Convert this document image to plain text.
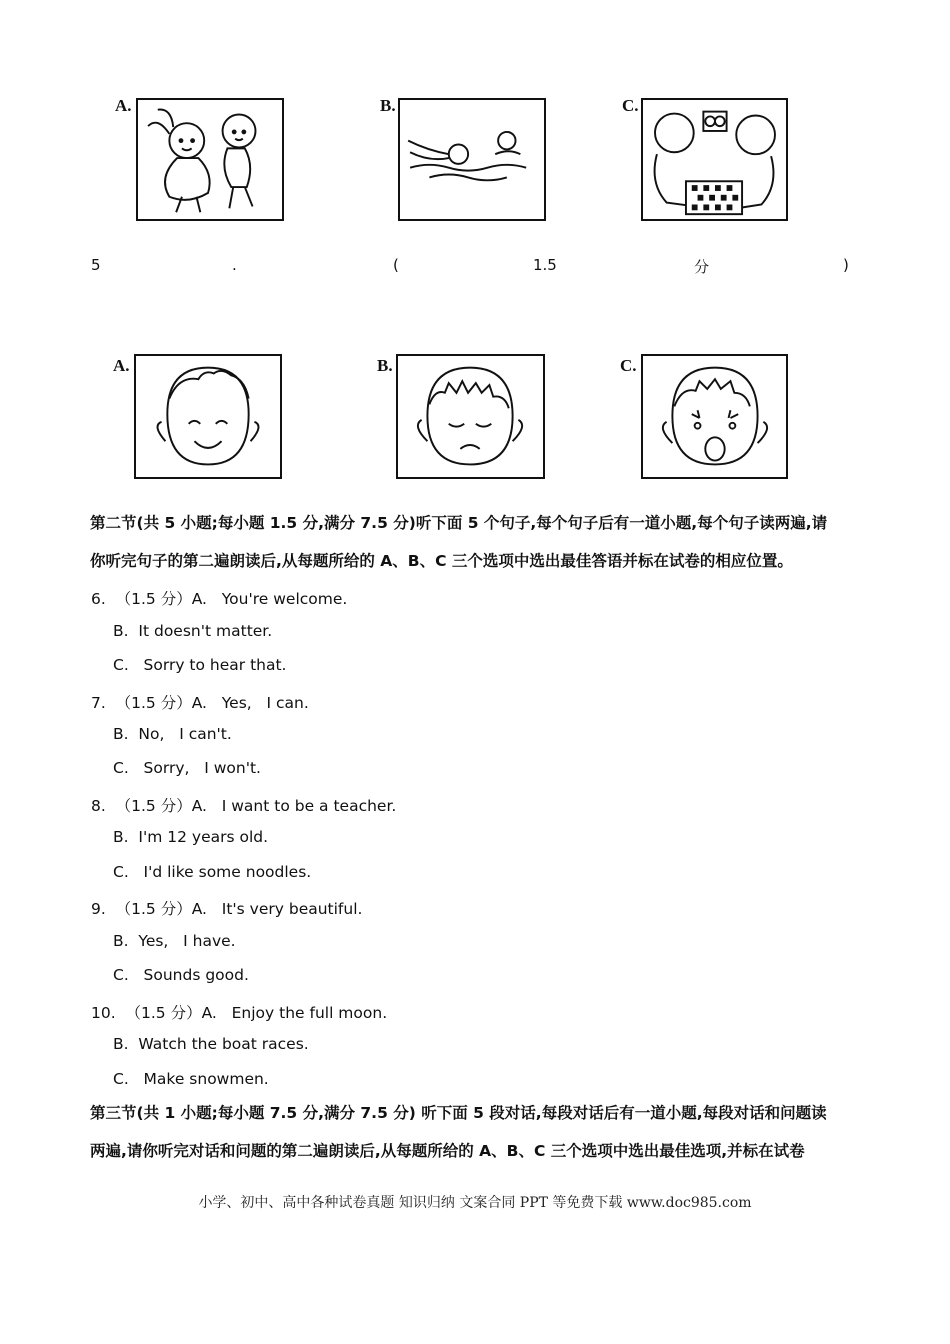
A.	B.	C.
5	.	(	1.5	分	)
A.	B.	C.
第二节(共 5 小题;每小题 1.5 分,满分 7.5 分)听下面 5 个句子,每个句子后有一道小题,每个句子读两遍,请
你听完句子的第二遍朗读后,从每题所给的 A、B、C 三个选项中选出最佳答语并标在试卷的相应位置。
6.  （1.5 分）A.   You're welcome.
B.  It doesn't matter.
C.   Sorry to hear that.
7.  （1.5 分）A.   Yes,   I can.
B.  No,   I can't.
C.   Sorry,   I won't.
8.  （1.5 分）A.   I want to be a teacher.
B.  I'm 12 years old.
C.   I'd like some noodles.
9.  （1.5 分）A.   It's very beautiful.
B.  Yes,   I have.
C.   Sounds good.
10.  （1.5 分）A.   Enjoy the full moon.
B.  Watch the boat races.
C.   Make snowmen.
第三节(共 1 小题;每小题 7.5 分,满分 7.5 分) 听下面 5 段对话,每段对话后有一道小题,每段对话和问题读
两遍,请你听完对话和问题的第二遍朗读后,从每题所给的 A、B、C 三个选项中选出最佳选项,并标在试卷
小学、初中、高中各种试卷真题 知识归纳 文案合同 PPT 等免费下载 www.doc985.com
